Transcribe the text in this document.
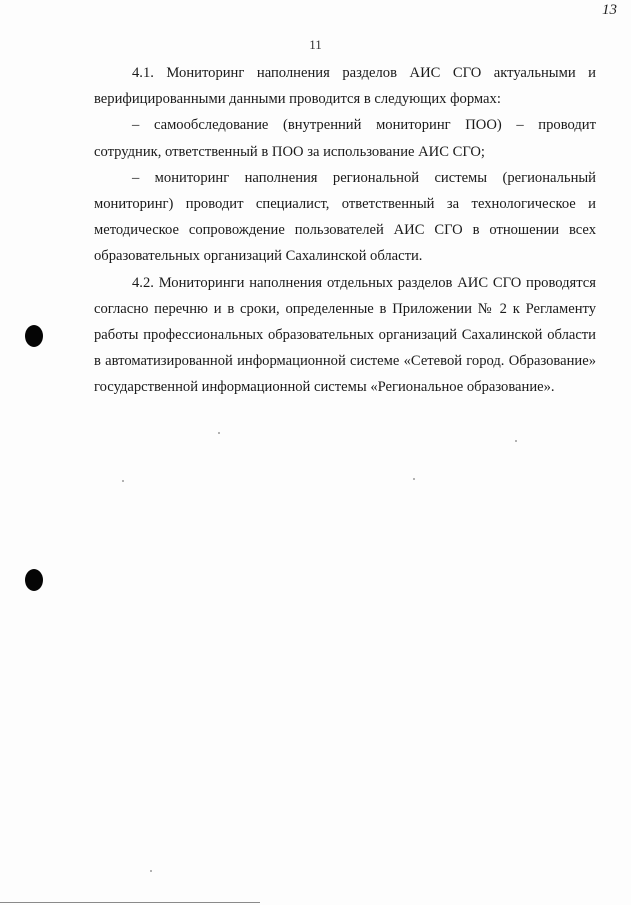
13
11

4.1. Мониторинг наполнения разделов АИС СГО актуальными и верифицированными данными проводится в следующих формах:

– самообследование (внутренний мониторинг ПОО) – проводит сотрудник, ответственный в ПОО за использование АИС СГО;

– мониторинг наполнения региональной системы (региональный мониторинг) проводит специалист, ответственный за технологическое и методическое сопровождение пользователей АИС СГО в отношении всех образовательных организаций Сахалинской области.

4.2. Мониторинги наполнения отдельных разделов АИС СГО проводятся согласно перечню и в сроки, определенные в Приложении № 2 к Регламенту работы профессиональных образовательных организаций Сахалинской области в автоматизированной информационной системе «Сетевой город. Образование» государственной информационной системы «Региональное образование».
